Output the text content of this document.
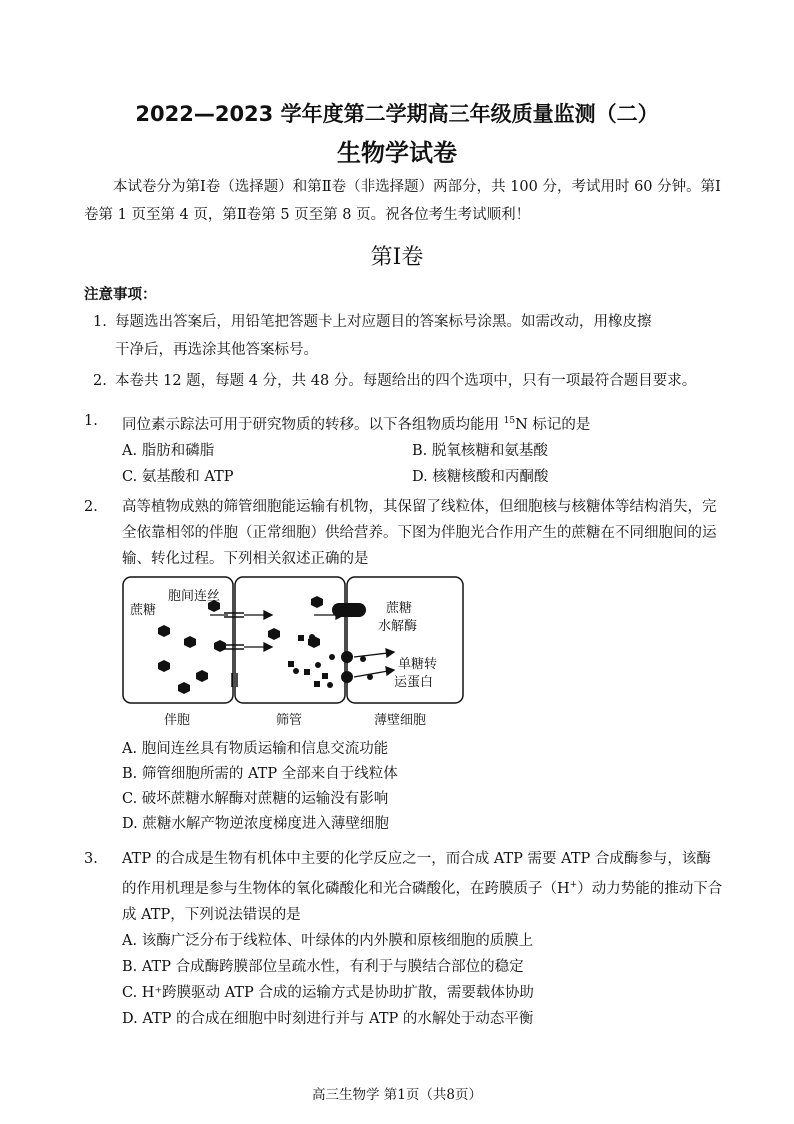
2022—2023 学年度第二学期高三年级质量监测（二）
生物学试卷
本试卷分为第Ⅰ卷（选择题）和第Ⅱ卷（非选择题）两部分，共 100 分，考试用时 60 分钟。第Ⅰ卷第 1 页至第 4 页，第Ⅱ卷第 5 页至第 8 页。祝各位考生考试顺利！
第Ⅰ卷
注意事项：
1. 每题选出答案后，用铅笔把答题卡上对应题目的答案标号涂黑。如需改动，用橡皮擦
干净后，再选涂其他答案标号。
2. 本卷共 12 题，每题 4 分，共 48 分。每题给出的四个选项中，只有一项最符合题目要求。
1.	同位素示踪法可用于研究物质的转移。以下各组物质均能用 $^{15}$N 标记的是
A. 脂肪和磷脂	B. 脱氧核糖和氨基酸
C. 氨基酸和 ATP	D. 核糖核酸和丙酮酸
2.	高等植物成熟的筛管细胞能运输有机物，其保留了线粒体，但细胞核与核糖体等结构消失，完全依靠相邻的伴胞（正常细胞）供给营养。下图为伴胞光合作用产生的蔗糖在不同细胞间的运输、转化过程。下列相关叙述正确的是
蔗糖
胞间连丝
蔗糖
水解酶
单糖转
运蛋白
伴胞	筛管	薄壁细胞
A. 胞间连丝具有物质运输和信息交流功能
B. 筛管细胞所需的 ATP 全部来自于线粒体
C. 破坏蔗糖水解酶对蔗糖的运输没有影响
D. 蔗糖水解产物逆浓度梯度进入薄壁细胞
3.	ATP 的合成是生物有机体中主要的化学反应之一，而合成 ATP 需要 ATP 合成酶参与，该酶的作用机理是参与生物体的氧化磷酸化和光合磷酸化，在跨膜质子（H+）动力势能的推动下合成 ATP，下列说法错误的是
A. 该酶广泛分布于线粒体、叶绿体的内外膜和原核细胞的质膜上
B. ATP 合成酶跨膜部位呈疏水性，有利于与膜结合部位的稳定
C. H⁺跨膜驱动 ATP 合成的运输方式是协助扩散，需要载体协助
D. ATP 的合成在细胞中时刻进行并与 ATP 的水解处于动态平衡
高三生物学 第1页（共8页）
